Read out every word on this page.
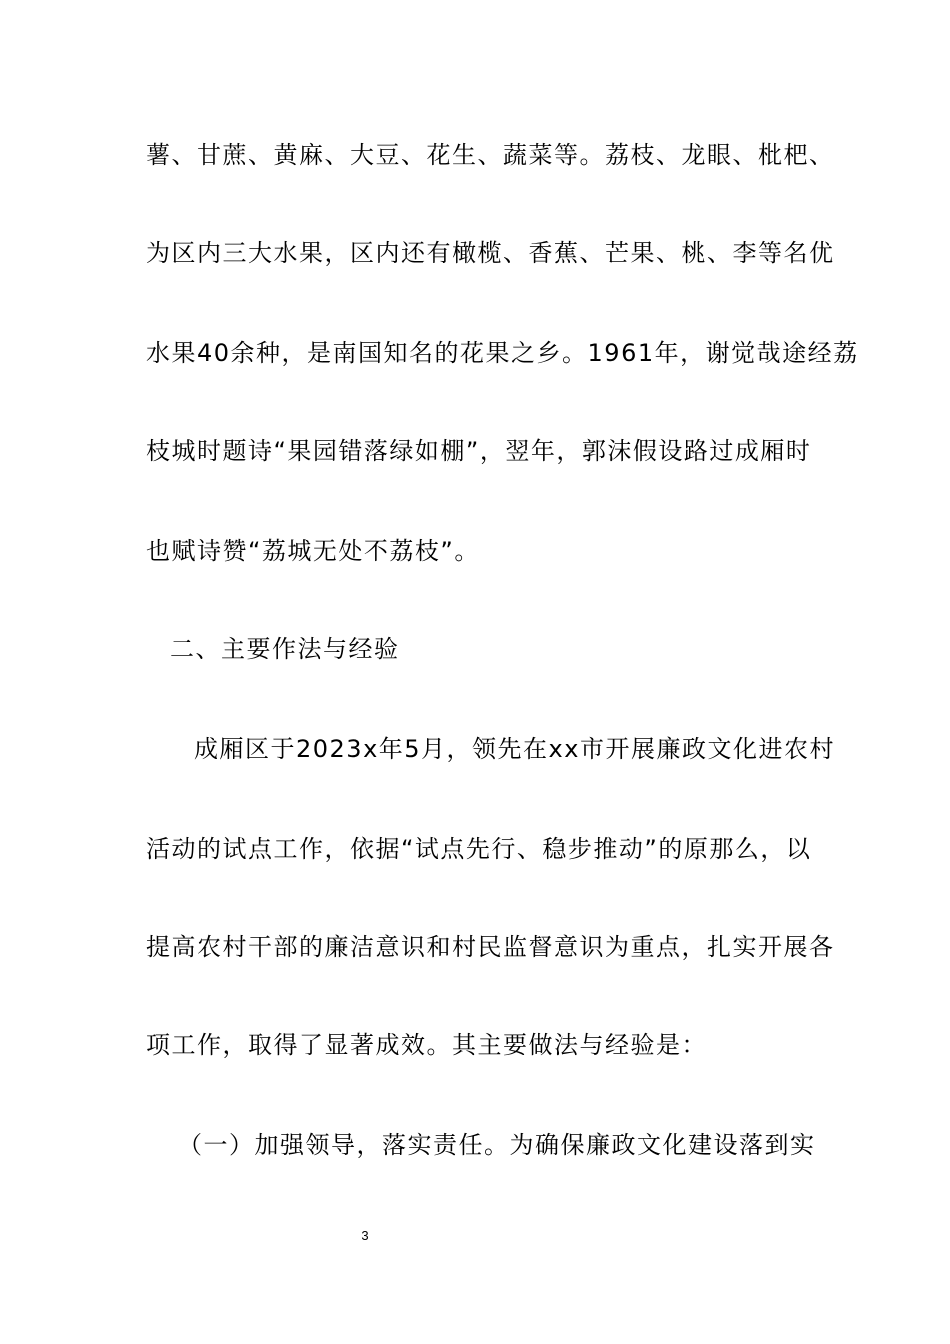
薯、甘蔗、黄麻、大豆、花生、蔬菜等。荔枝、龙眼、枇杷、
为区内三大水果，区内还有橄榄、香蕉、芒果、桃、李等名优
水果40余种，是南国知名的花果之乡。1961年，谢觉哉途经荔
枝城时题诗“果园错落绿如棚”，翌年，郭沫假设路过成厢时
也赋诗赞“荔城无处不荔枝”。
二、主要作法与经验
成厢区于2023x年5月，领先在xx市开展廉政文化进农村
活动的试点工作，依据“试点先行、稳步推动”的原那么，以
提高农村干部的廉洁意识和村民监督意识为重点，扎实开展各
项工作，取得了显著成效。其主要做法与经验是：
（一）加强领导，落实责任。为确保廉政文化建设落到实
3
